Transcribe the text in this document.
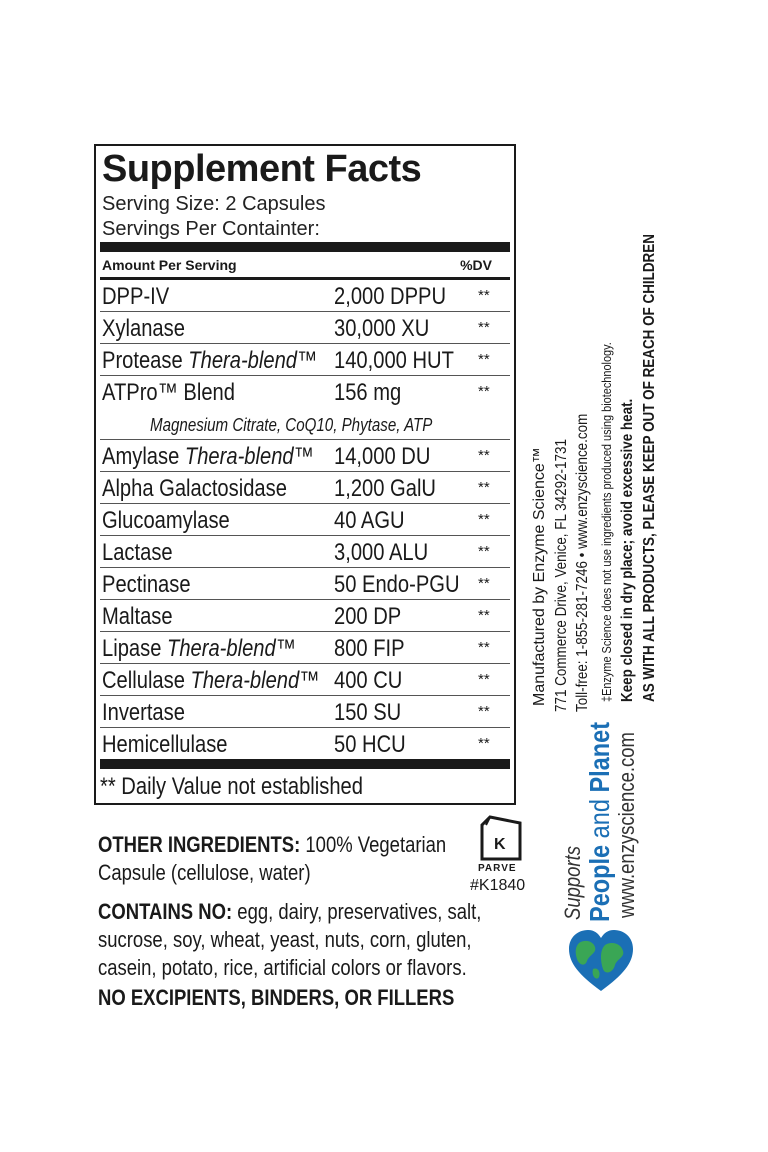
Supplement Facts
Serving Size: 2 Capsules
Servings Per Containter:
Amount Per Serving	%DV
DPP-IV	2,000 DPPU **
Xylanase	30,000 XU	**
Protease Thera-blend™ 140,000 HUT **
ATPro™ Blend	156 mg	**
Magnesium Citrate, CoQ10, Phytase, ATP
Amylase Thera-blend™ 14,000 DU	**
Alpha Galactosidase 1,200 GalU	**
Glucoamylase	40 AGU	**
Lactase	3,000 ALU	**
Pectinase	50 Endo-PGU **
Maltase	200 DP	**
Lipase Thera-blend™ 800 FIP	**
Cellulase Thera-blend™ 400 CU	**
Invertase	150 SU	**
Hemicellulase	50 HCU	**
** Daily Value not established
OTHER INGREDIENTS: 100% Vegetarian
Capsule (cellulose, water)
CONTAINS NO: egg, dairy, preservatives, salt,
sucrose, soy, wheat, yeast, nuts, corn, gluten,
casein, potato, rice, artificial colors or flavors.
NO EXCIPIENTS, BINDERS, OR FILLERS
K
PARVE
#K1840
Manufactured by Enzyme Science™ 771 Commerce Drive, Venice, FL 34292-1731 Toll-free: 1-855-281-7246 • www.enzyscience.com ‡Enzyme Science does not use ingredients produced using biotechnology. Keep closed in dry place; avoid excessive heat. AS WITH ALL PRODUCTS, PLEASE KEEP OUT OF REACH OF CHILDREN
Supports People and Planet www.enzyscience.com
